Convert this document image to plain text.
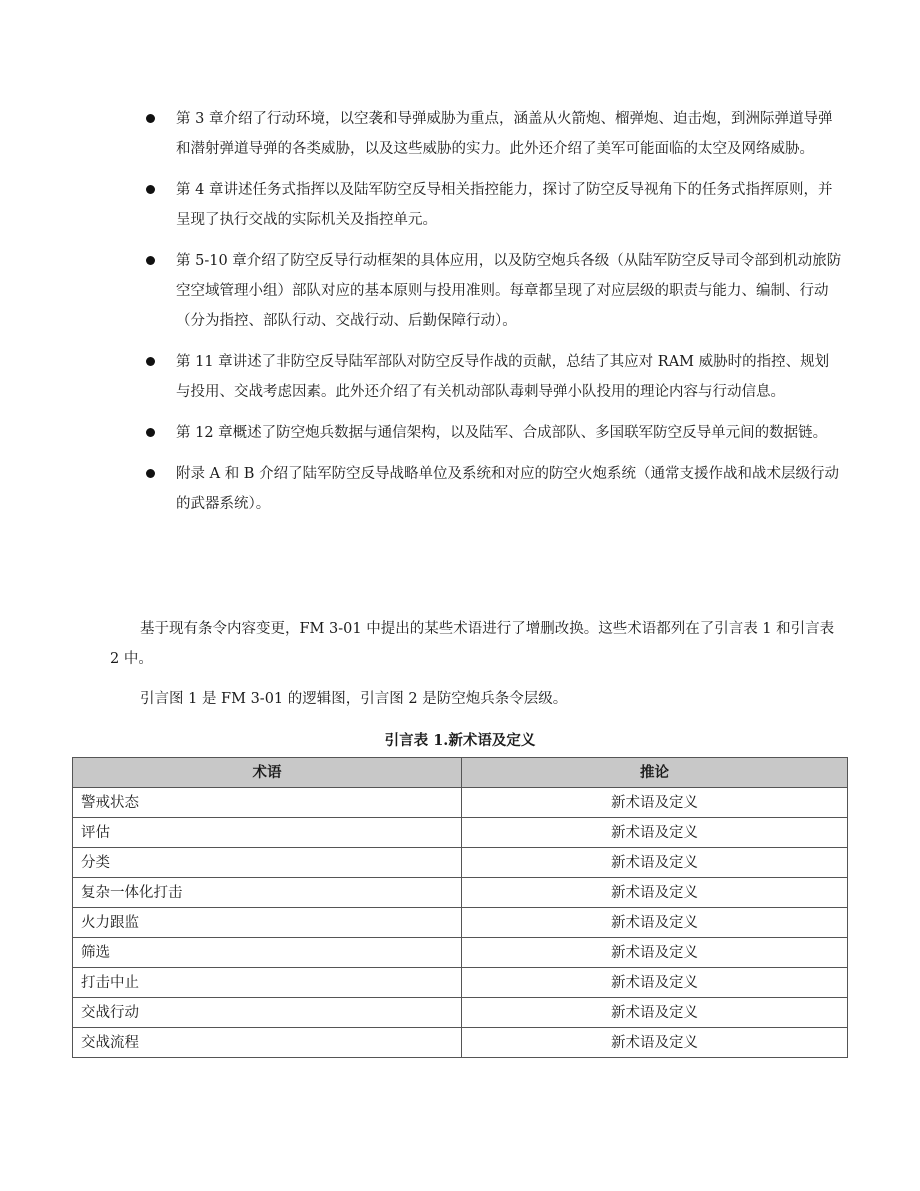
第 3 章介绍了行动环境，以空袭和导弹威胁为重点，涵盖从火箭炮、榴弹炮、迫击炮，到洲际弹道导弹和潜射弹道导弹的各类威胁，以及这些威胁的实力。此外还介绍了美军可能面临的太空及网络威胁。
第 4 章讲述任务式指挥以及陆军防空反导相关指控能力，探讨了防空反导视角下的任务式指挥原则，并呈现了执行交战的实际机关及指控单元。
第 5-10 章介绍了防空反导行动框架的具体应用，以及防空炮兵各级（从陆军防空反导司令部到机动旅防空空域管理小组）部队对应的基本原则与投用准则。每章都呈现了对应层级的职责与能力、编制、行动（分为指控、部队行动、交战行动、后勤保障行动）。
第 11 章讲述了非防空反导陆军部队对防空反导作战的贡献，总结了其应对 RAM 威胁时的指控、规划与投用、交战考虑因素。此外还介绍了有关机动部队毒刺导弹小队投用的理论内容与行动信息。
第 12 章概述了防空炮兵数据与通信架构，以及陆军、合成部队、多国联军防空反导单元间的数据链。
附录 A 和 B 介绍了陆军防空反导战略单位及系统和对应的防空火炮系统（通常支援作战和战术层级行动的武器系统）。

基于现有条令内容变更，FM 3-01 中提出的某些术语进行了增删改换。这些术语都列在了引言表 1 和引言表 2 中。

引言图 1 是 FM 3-01 的逻辑图，引言图 2 是防空炮兵条令层级。

引言表 1.新术语及定义
术语	推论
警戒状态	新术语及定义
评估	新术语及定义
分类	新术语及定义
复杂一体化打击	新术语及定义
火力跟监	新术语及定义
筛选	新术语及定义
打击中止	新术语及定义
交战行动	新术语及定义
交战流程	新术语及定义
